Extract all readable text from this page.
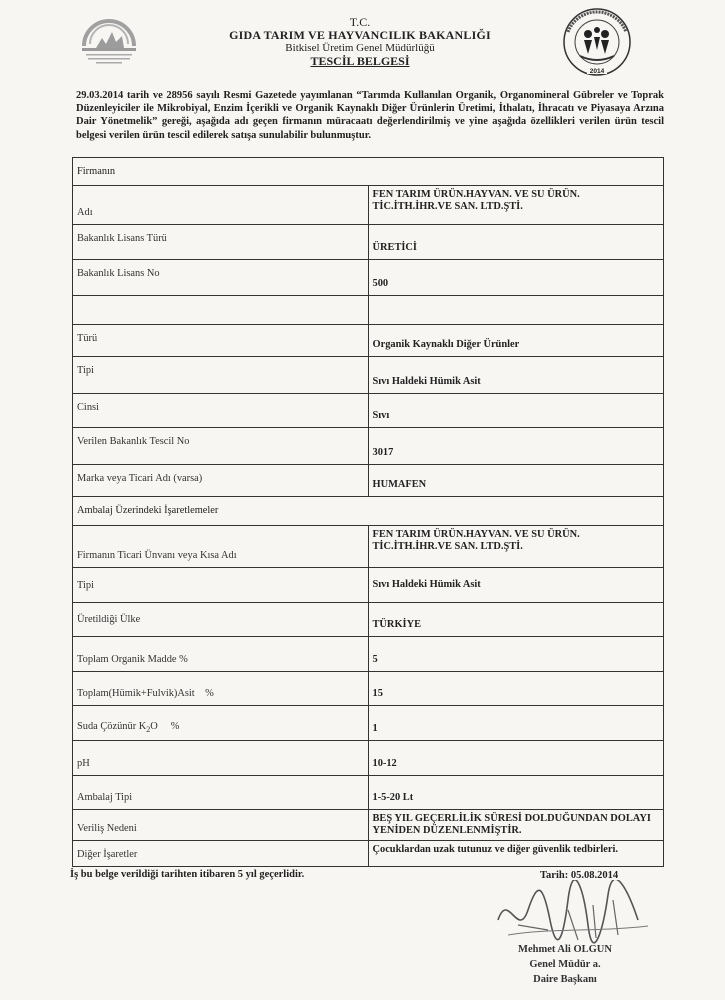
2014
T.C.
GIDA TARIM VE HAYVANCILIK BAKANLIĞI
Bitkisel Üretim Genel Müdürlüğü
TESCİL BELGESİ
29.03.2014 tarih ve 28956 sayılı Resmi Gazetede yayımlanan “Tarımda Kullanılan Organik, Organomineral Gübreler ve Toprak Düzenleyiciler ile Mikrobiyal, Enzim İçerikli ve Organik Kaynaklı Diğer Ürünlerin Üretimi, İthalatı, İhracatı ve Piyasaya Arzına Dair Yönetmelik” gereği, aşağıda adı geçen firmanın müracaatı değerlendirilmiş ve yine aşağıda özellikleri verilen ürün tescil belgesi verilen ürün tescil edilerek satışa sunulabilir bulunmuştur.
Firmanın	
Adı	FEN TARIM ÜRÜN.HAYVAN. VE SU ÜRÜN. TİC.İTH.İHR.VE SAN. LTD.ŞTİ.
Bakanlık Lisans Türü	ÜRETİCİ
Bakanlık Lisans No	500

Türü	Organik Kaynaklı Diğer Ürünler
Tipi	Sıvı Haldeki Hümik Asit
Cinsi	Sıvı
Verilen Bakanlık Tescil No	3017
Marka veya Ticari Adı (varsa)	HUMAFEN
Ambalaj Üzerindeki İşaretlemeler	
Firmanın Ticari Ünvanı veya Kısa Adı	FEN TARIM ÜRÜN.HAYVAN. VE SU ÜRÜN. TİC.İTH.İHR.VE SAN. LTD.ŞTİ.
Tipi	Sıvı Haldeki Hümik Asit
Üretildiği Ülke	TÜRKİYE
Toplam Organik Madde %	5
Toplam(Hümik+Fulvik)Asit    %	15
Suda Çözünür $K_2O$     %	1
pH	10-12
Ambalaj Tipi	1-5-20 Lt
Veriliş Nedeni	BEŞ YIL GEÇERLİLİK SÜRESİ DOLDUĞUNDAN DOLAYI YENİDEN DÜZENLENMİŞTİR.
Diğer İşaretler	Çocuklardan uzak tutunuz ve diğer güvenlik tedbirleri.
İş bu belge verildiği tarihten itibaren 5 yıl geçerlidir.	Tarih: 05.08.2014
Mehmet Ali OLGUN
Genel Müdür a.
Daire Başkanı
